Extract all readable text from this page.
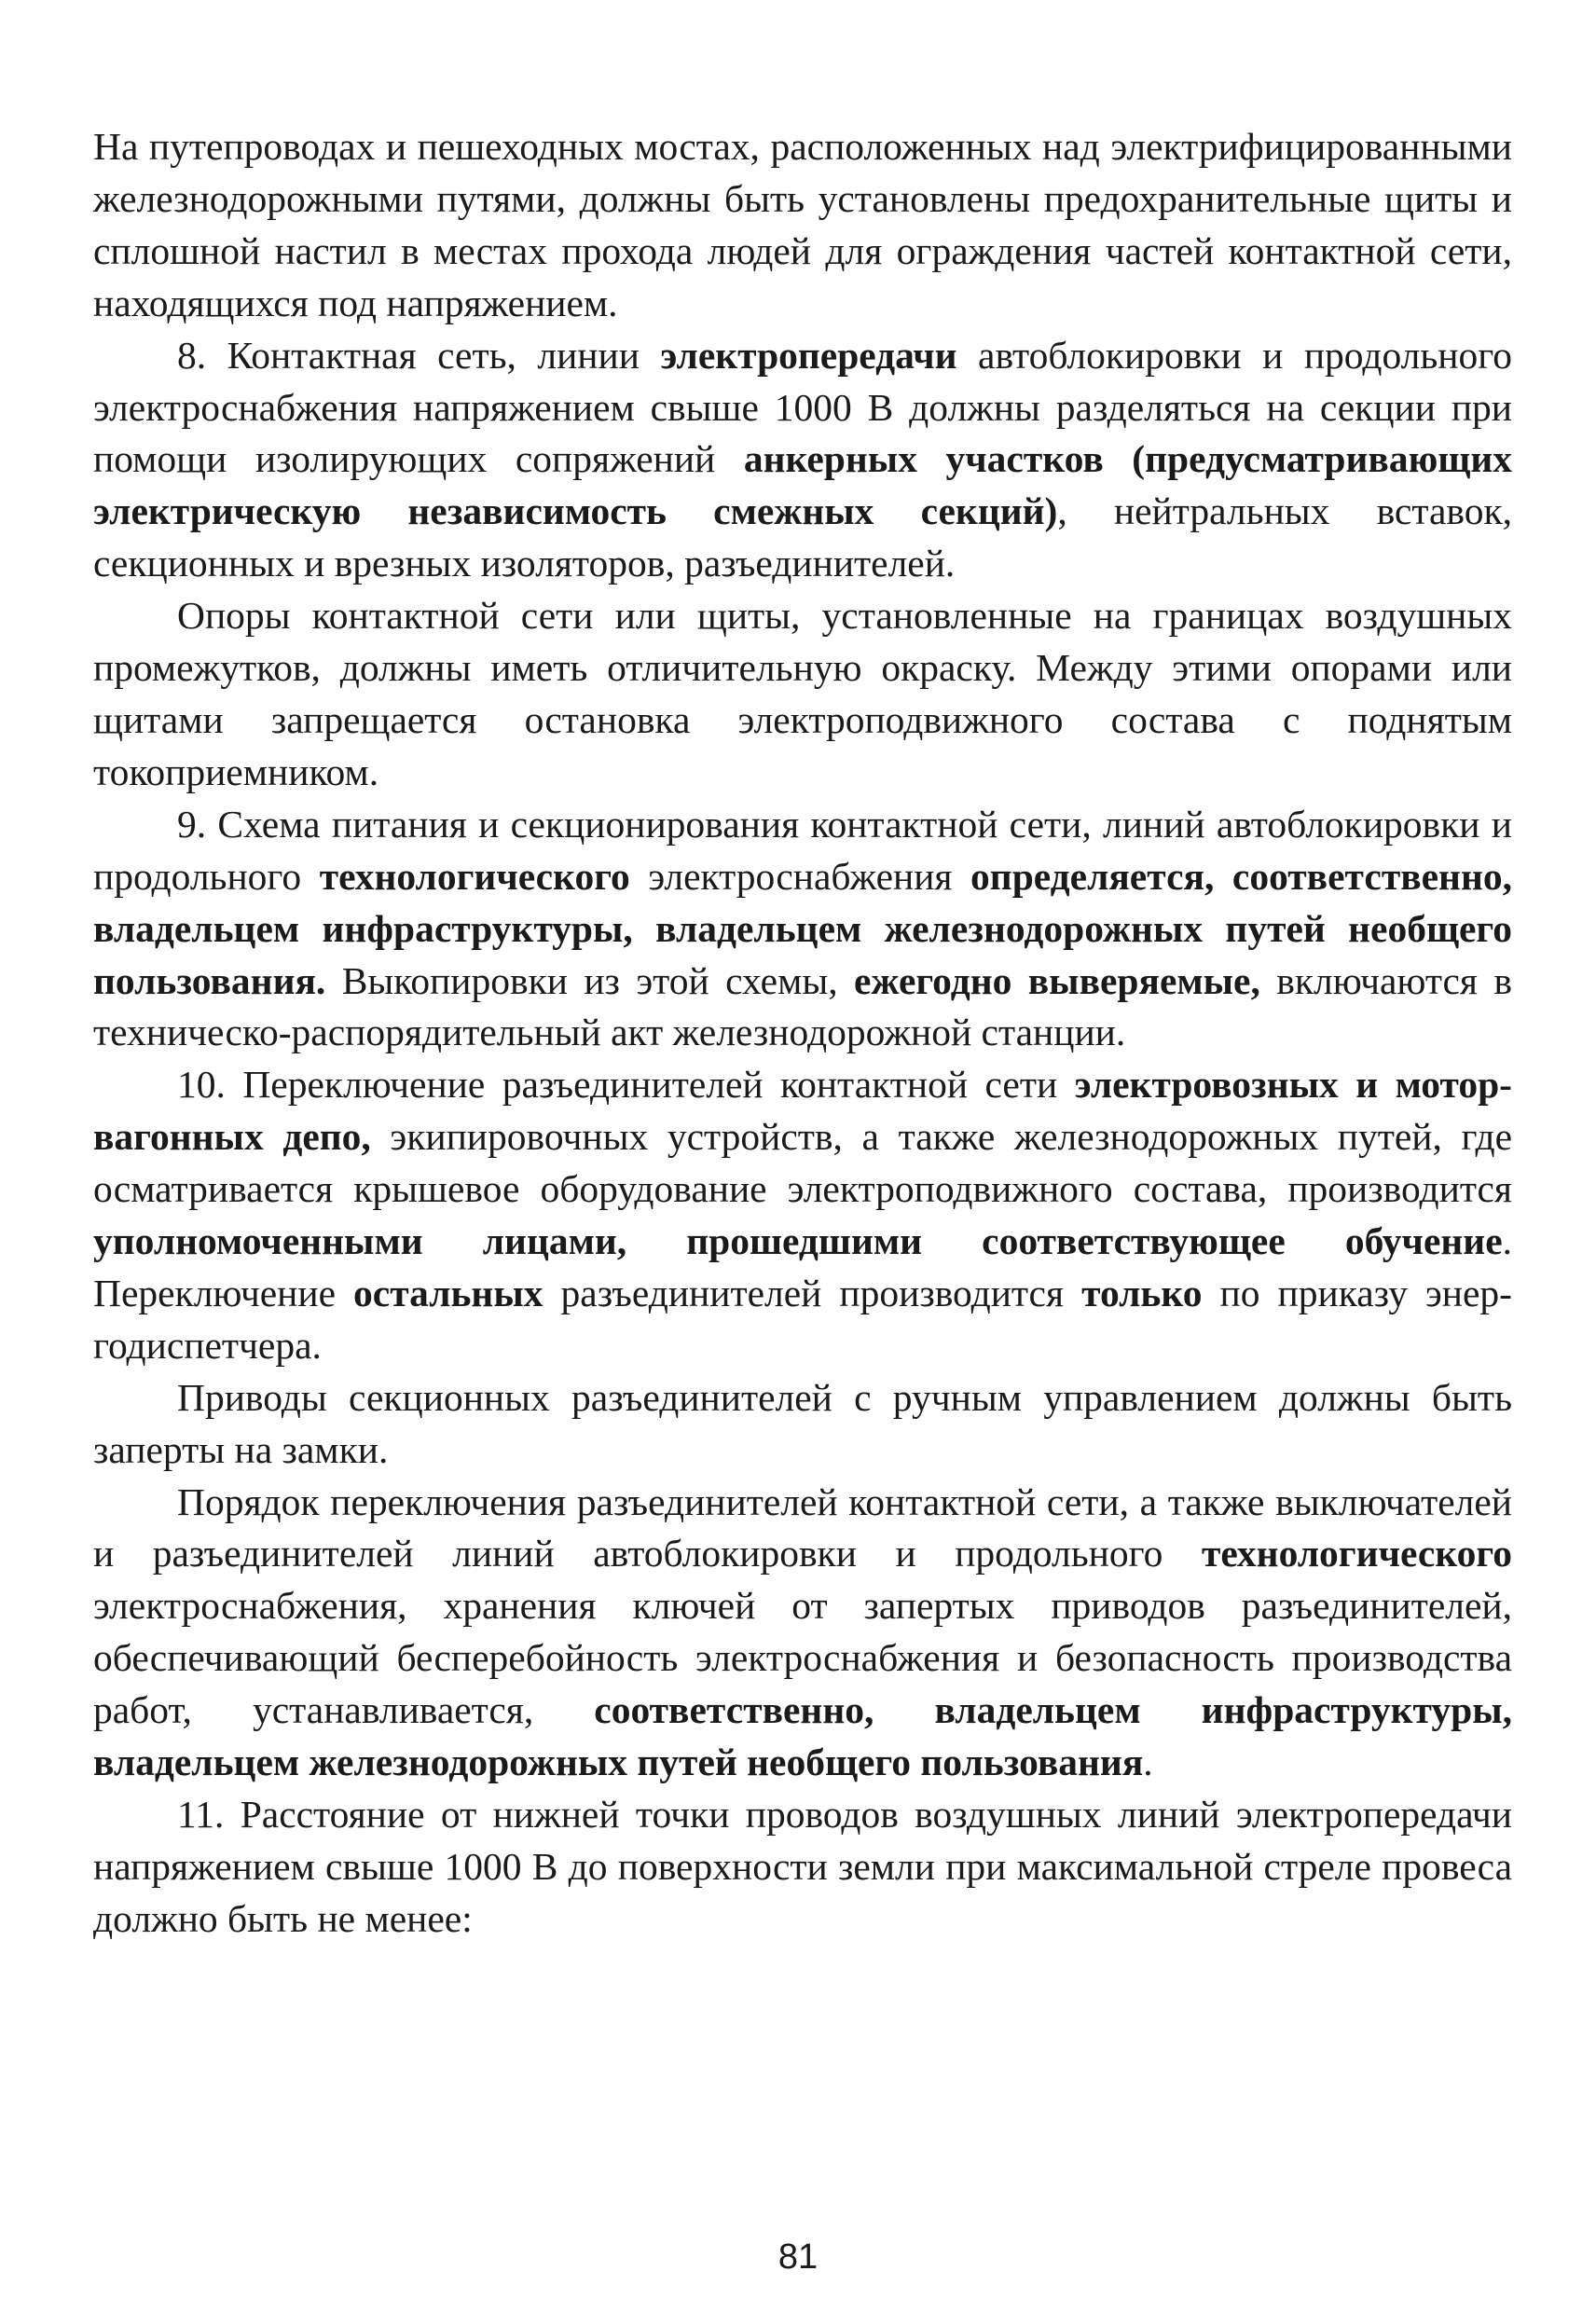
На путепроводах и пешеходных мостах, расположенных над электрифицированными железнодорожными путями, должны быть установлены предохранительные щиты и сплошной настил в местах прохода людей для ограждения частей контактной сети, находящихся под напряжением.

8. Контактная сеть, линии электропередачи автоблокировки и продольного электроснабжения напряжением свыше 1000 В должны разделяться на секции при помощи изолирующих сопряжений анкерных участков (предусматривающих электрическую независимость смежных секций), нейтральных вставок, секционных и врезных изоляторов, разъединителей.

Опоры контактной сети или щиты, установленные на границах воздушных промежутков, должны иметь отличительную окраску. Между этими опорами или щитами запрещается остановка электроподвижного состава с поднятым токоприемником.

9. Схема питания и секционирования контактной сети, линий автоблокировки и продольного технологического электроснабжения определяется, соответственно, владельцем инфраструктуры, владельцем железнодорожных путей необщего пользования. Выкопировки из этой схемы, ежегодно выверяемые, включаются в техническо-распорядительный акт железнодорожной станции.

10. Переключение разъединителей контактной сети электровозных и мотор-вагонных депо, экипировочных устройств, а также железнодорожных путей, где осматривается крышевое оборудование электроподвижного состава, производится уполномоченными лицами, прошедшими соответствующее обучение. Переключение остальных разъединителей производится только по приказу энергодиспетчера.

Приводы секционных разъединителей с ручным управлением должны быть заперты на замки.

Порядок переключения разъединителей контактной сети, а также выключателей и разъединителей линий автоблокировки и продольного технологического электроснабжения, хранения ключей от запертых приводов разъединителей, обеспечивающий бесперебойность электроснабжения и безопасность производства работ, устанавливается, соответственно, владельцем инфраструктуры, владельцем железнодорожных путей необщего пользования.

11. Расстояние от нижней точки проводов воздушных линий электропередачи напряжением свыше 1000 В до поверхности земли при максимальной стреле провеса должно быть не менее:

81
